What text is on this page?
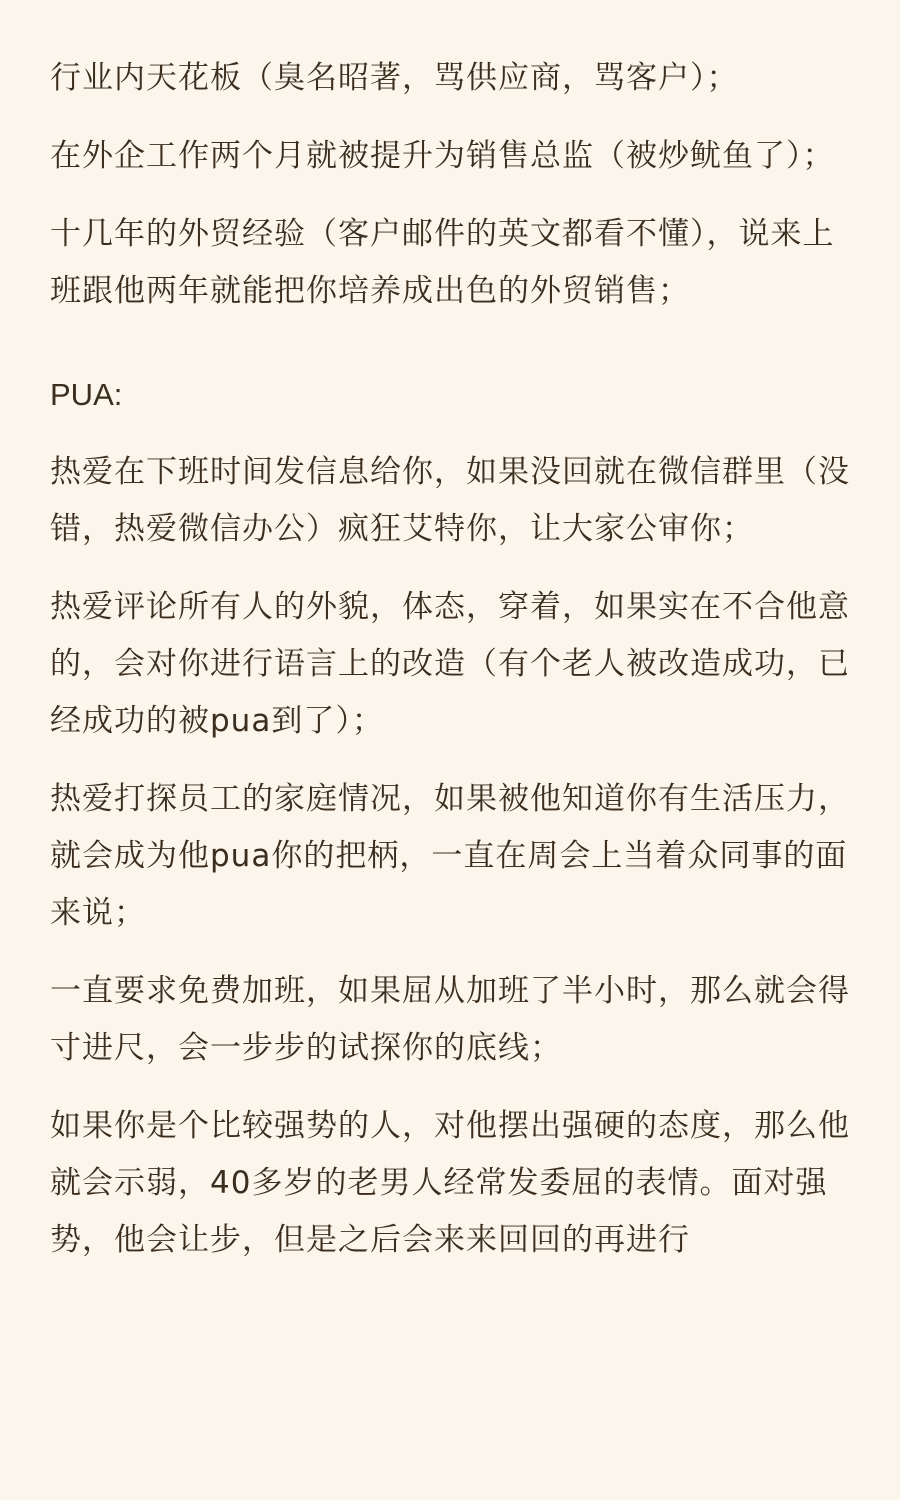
行业内天花板（臭名昭著，骂供应商，骂客户）；

在外企工作两个月就被提升为销售总监（被炒鱿鱼了）；

十几年的外贸经验（客户邮件的英文都看不懂），说来上班跟他两年就能把你培养成出色的外贸销售；

PUA:

热爱在下班时间发信息给你，如果没回就在微信群里（没错，热爱微信办公）疯狂艾特你，让大家公审你；

热爱评论所有人的外貌，体态，穿着，如果实在不合他意的，会对你进行语言上的改造（有个老人被改造成功，已经成功的被pua到了）；

热爱打探员工的家庭情况，如果被他知道你有生活压力，就会成为他pua你的把柄，一直在周会上当着众同事的面来说；

一直要求免费加班，如果屈从加班了半小时，那么就会得寸进尺，会一步步的试探你的底线；

如果你是个比较强势的人，对他摆出强硬的态度，那么他就会示弱，40多岁的老男人经常发委屈的表情。面对强势，他会让步，但是之后会来来回回的再进行
